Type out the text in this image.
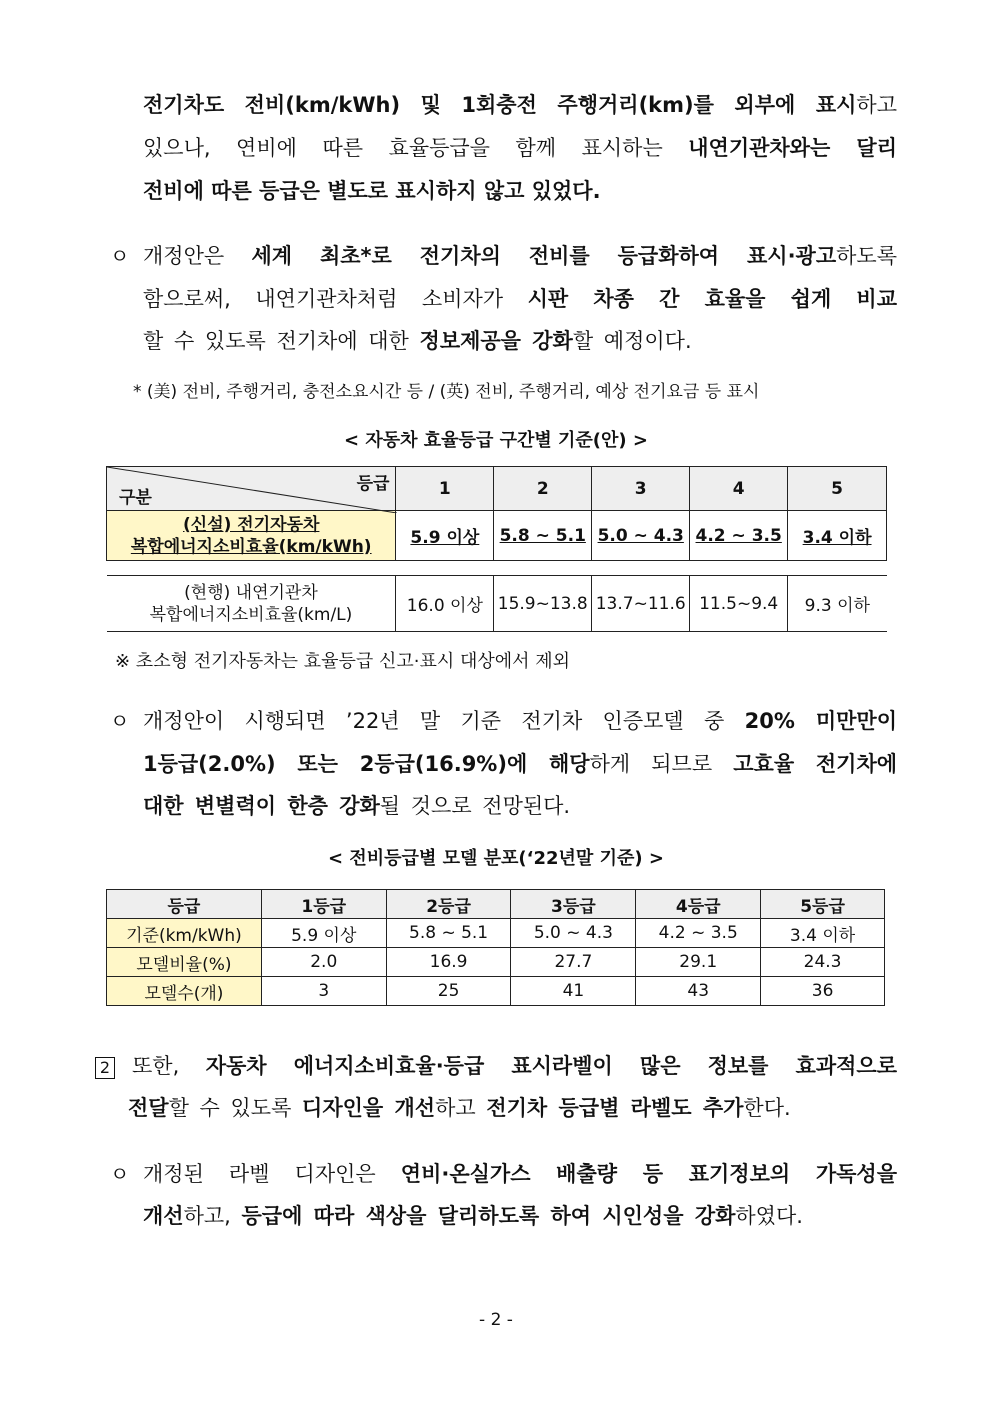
전기차도 전비(km/kWh) 및 1회충전 주행거리(km)를 외부에 표시하고
있으나, 연비에 따른 효율등급을 함께 표시하는 내연기관차와는 달리
전비에 따른 등급은 별도로 표시하지 않고 있었다.
ㅇ 개정안은 세계 최초*로 전기차의 전비를 등급화하여 표시·광고하도록
함으로써, 내연기관차처럼 소비자가 시판 차종 간 효율을 쉽게 비교
할 수 있도록 전기차에 대한 정보제공을 강화할 예정이다.
* (美) 전비, 주행거리, 충전소요시간 등 / (英) 전비, 주행거리, 예상 전기요금 등 표시
< 자동차 효율등급 구간별 기준(안) >
등급
구분	1	2	3	4	5

(신설) 전기자동차
복합에너지소비효율(km/kWh)	5.9 이상	5.8 ~ 5.1	5.0 ~ 4.3	4.2 ~ 3.5	3.4 이하

(현행) 내연기관차
복합에너지소비효율(km/L)	16.0 이상	15.9~13.8	13.7~11.6	11.5~9.4	9.3 이하
※ 초소형 전기자동차는 효율등급 신고·표시 대상에서 제외
ㅇ 개정안이 시행되면 ’22년 말 기준 전기차 인증모델 중 20% 미만만이
1등급(2.0%) 또는 2등급(16.9%)에 해당하게 되므로 고효율 전기차에
대한 변별력이 한층 강화될 것으로 전망된다.
< 전비등급별 모델 분포(‘22년말 기준) >
등급	1등급	2등급	3등급	4등급	5등급
기준(km/kWh)	5.9 이상	5.8 ~ 5.1	5.0 ~ 4.3	4.2 ~ 3.5	3.4 이하
모델비율(%)	2.0	16.9	27.7	29.1	24.3
모델수(개)	3	25	41	43	36
2 또한, 자동차 에너지소비효율·등급 표시라벨이 많은 정보를 효과적으로
전달할 수 있도록 디자인을 개선하고 전기차 등급별 라벨도 추가한다.
ㅇ 개정된 라벨 디자인은 연비·온실가스 배출량 등 표기정보의 가독성을
개선하고, 등급에 따라 색상을 달리하도록 하여 시인성을 강화하였다.
- 2 -
